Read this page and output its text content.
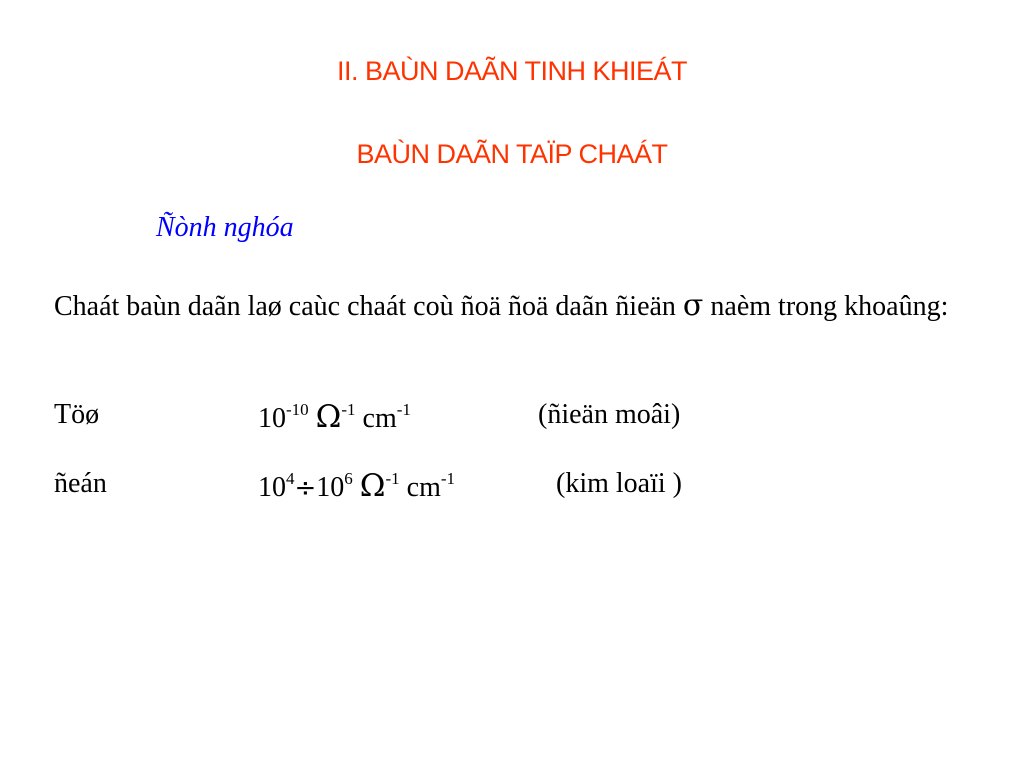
II. BAÙN DAÃN TINH KHIEÁT
BAÙN DAÃN TAÏP CHAÁT
Ñònh nghóa
Chaát baùn daãn laø caùc chaát coù ñoä ñoä daãn ñieän σ naèm trong khoaûng:
Töø	$10^{-10}$ $\Omega^{-1}$ $cm^{-1}$	(ñieän moâi)
ñeán	$10^4\div 10^6$ $\Omega^{-1}$ $cm^{-1}$	(kim loaïi )
